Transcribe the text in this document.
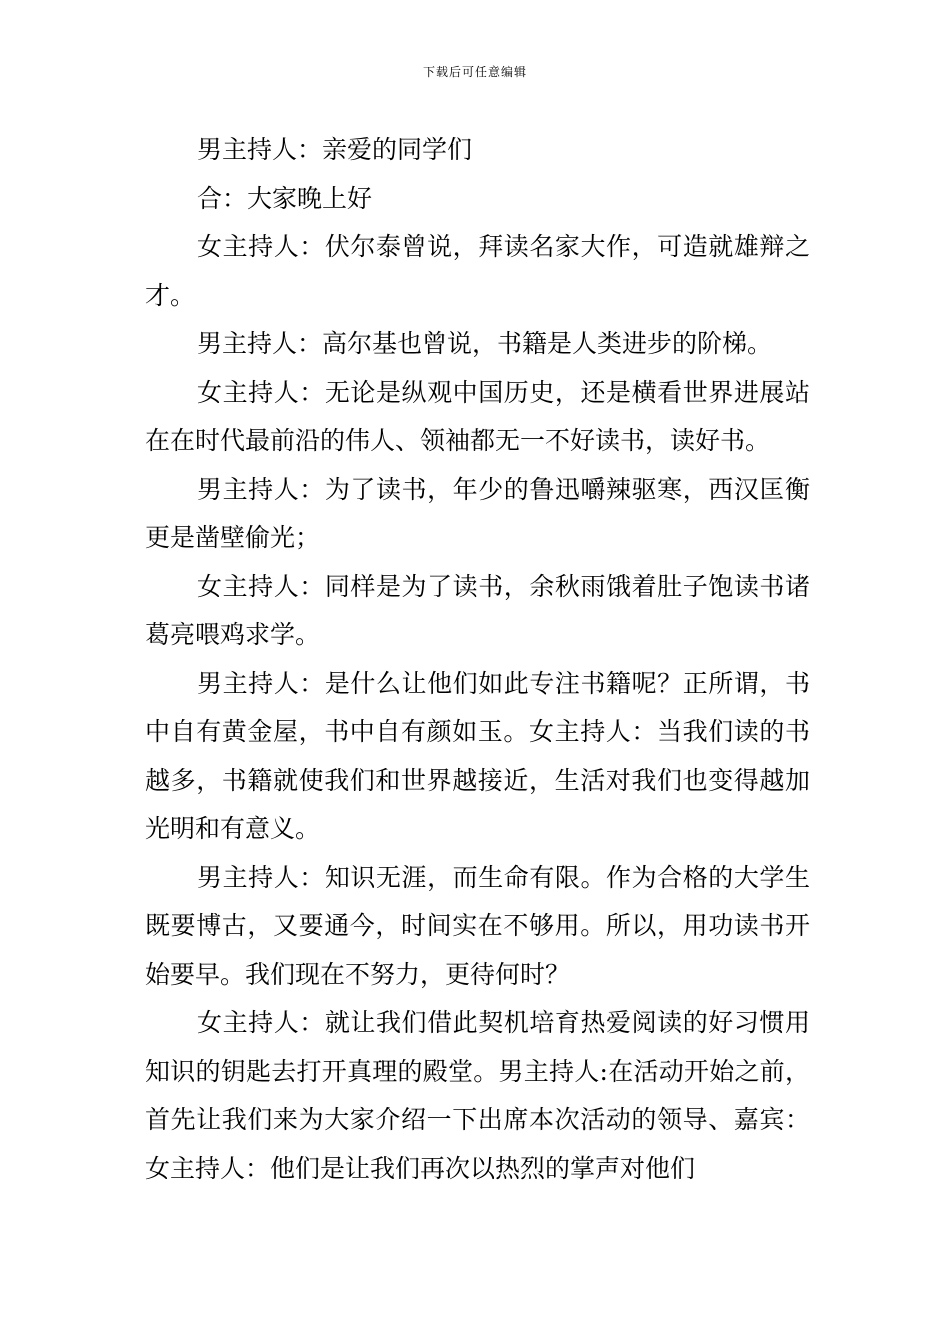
下载后可任意编辑

男主持人：亲爱的同学们

合：大家晚上好

女主持人：伏尔泰曾说，拜读名家大作，可造就雄辩之才。

男主持人：高尔基也曾说，书籍是人类进步的阶梯。

女主持人：无论是纵观中国历史，还是横看世界进展站在在时代最前沿的伟人、领袖都无一不好读书，读好书。

男主持人：为了读书，年少的鲁迅嚼辣驱寒，西汉匡衡更是凿壁偷光；

女主持人：同样是为了读书，余秋雨饿着肚子饱读书诸葛亮喂鸡求学。

男主持人：是什么让他们如此专注书籍呢？正所谓，书中自有黄金屋，书中自有颜如玉。女主持人：当我们读的书越多，书籍就使我们和世界越接近，生活对我们也变得越加光明和有意义。

男主持人：知识无涯，而生命有限。作为合格的大学生既要博古，又要通今，时间实在不够用。所以，用功读书开始要早。我们现在不努力，更待何时？

女主持人：就让我们借此契机培育热爱阅读的好习惯用知识的钥匙去打开真理的殿堂。男主持人:在活动开始之前，首先让我们来为大家介绍一下出席本次活动的领导、嘉宾：女主持人：他们是让我们再次以热烈的掌声对他们
